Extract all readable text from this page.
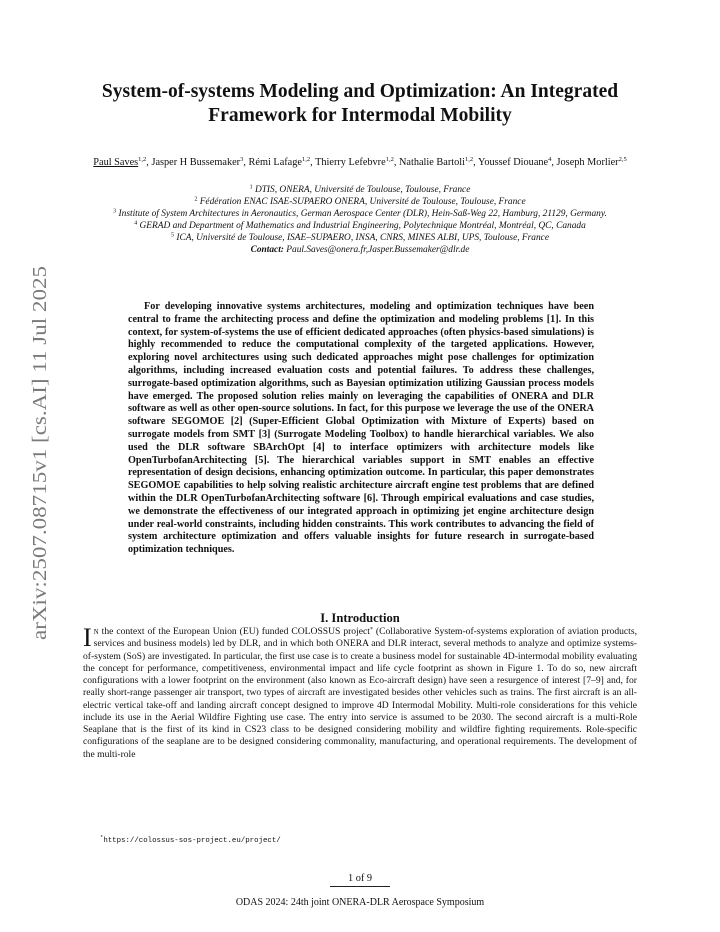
arXiv:2507.08715v1 [cs.AI] 11 Jul 2025
System-of-systems Modeling and Optimization: An Integrated Framework for Intermodal Mobility
Paul Saves$^{1,2}$, Jasper H Bussemaker$^3$, Rémi Lafage$^{1,2}$, Thierry Lefebvre$^{1,2}$, Nathalie Bartoli$^{1,2}$, Youssef Diouane$^4$, Joseph Morlier$^{2,5}$
$^1$ DTIS, ONERA, Université de Toulouse, Toulouse, France
$^2$ Fédération ENAC ISAE-SUPAERO ONERA, Université de Toulouse, Toulouse, France
$^3$ Institute of System Architectures in Aeronautics, German Aerospace Center (DLR), Hein-Saß-Weg 22, Hamburg, 21129, Germany.
$^4$ GERAD and Department of Mathematics and Industrial Engineering, Polytechnique Montréal, Montréal, QC, Canada
$^5$ ICA, Université de Toulouse, ISAE–SUPAERO, INSA, CNRS, MINES ALBI, UPS, Toulouse, France
Contact: Paul.Saves@onera.fr,Jasper.Bussemaker@dlr.de

For developing innovative systems architectures, modeling and optimization techniques have been central to frame the architecting process and define the optimization and modeling problems [1]. In this context, for system-of-systems the use of efficient dedicated approaches (often physics-based simulations) is highly recommended to reduce the computational complexity of the targeted applications. However, exploring novel architectures using such dedicated approaches might pose challenges for optimization algorithms, including increased evaluation costs and potential failures. To address these challenges, surrogate-based optimization algorithms, such as Bayesian optimization utilizing Gaussian process models have emerged. The proposed solution relies mainly on leveraging the capabilities of ONERA and DLR software as well as other open-source solutions. In fact, for this purpose we leverage the use of the ONERA software SEGOMOE [2] (Super-Efficient Global Optimization with Mixture of Experts) based on surrogate models from SMT [3] (Surrogate Modeling Toolbox) to handle hierarchical variables. We also used the DLR software SBArchOpt [4] to interface optimizers with architecture models like OpenTurbofanArchitecting [5]. The hierarchical variables support in SMT enables an effective representation of design decisions, enhancing optimization outcome. In particular, this paper demonstrates SEGOMOE capabilities to help solving realistic architecture aircraft engine test problems that are defined within the DLR OpenTurbofanArchitecting software [6]. Through empirical evaluations and case studies, we demonstrate the effectiveness of our integrated approach in optimizing jet engine architecture design under real-world constraints, including hidden constraints. This work contributes to advancing the field of system architecture optimization and offers valuable insights for future research in surrogate-based optimization techniques.

I. Introduction

I N the context of the European Union (EU) funded COLOSSUS project* (Collaborative System-of-systems exploration of aviation products, services and business models) led by DLR, and in which both ONERA and DLR interact, several methods to analyze and optimize systems-of-system (SoS) are investigated. In particular, the first use case is to create a business model for sustainable 4D-intermodal mobility evaluating the concept for performance, competitiveness, environmental impact and life cycle footprint as shown in Figure 1. To do so, new aircraft configurations with a lower footprint on the environment (also known as Eco-aircraft design) have seen a resurgence of interest [7–9] and, for really short-range passenger air transport, two types of aircraft are investigated besides other vehicles such as trains. The first aircraft is an all-electric vertical take-off and landing aircraft concept designed to improve 4D Intermodal Mobility. Multi-role considerations for this vehicle include its use in the Aerial Wildfire Fighting use case. The entry into service is assumed to be 2030. The second aircraft is a multi-Role Seaplane that is the first of its kind in CS23 class to be designed considering mobility and wildfire fighting requirements. Role-specific configurations of the seaplane are to be designed considering commonality, manufacturing, and operational requirements. The development of the multi-role

*https://colossus-sos-project.eu/project/
1 of 9
ODAS 2024: 24th joint ONERA-DLR Aerospace Symposium
